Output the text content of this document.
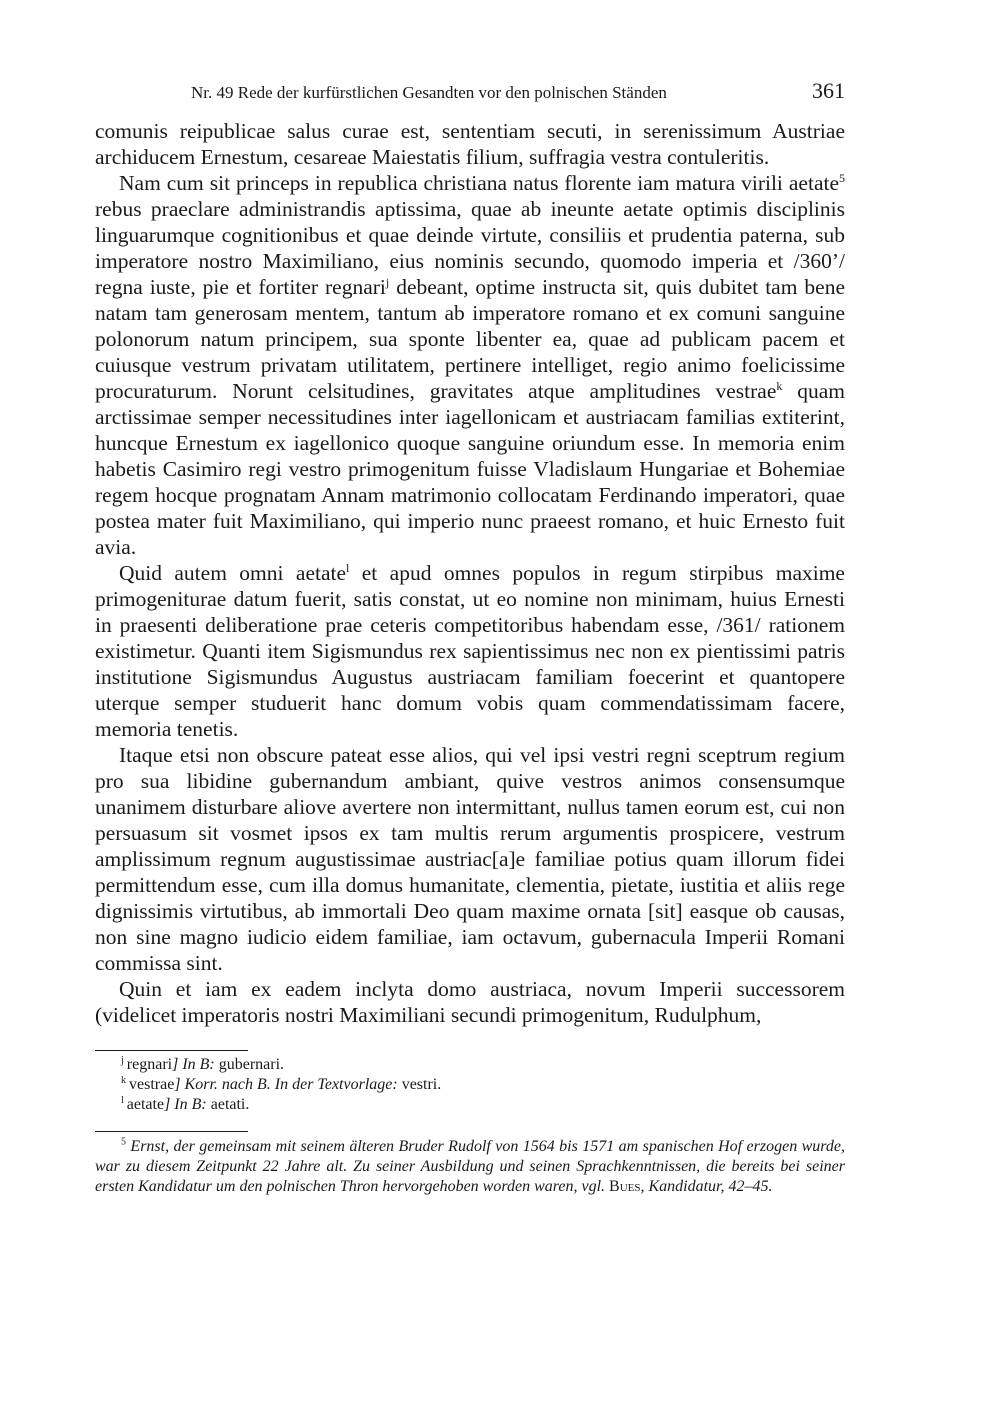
Nr. 49 Rede der kurfürstlichen Gesandten vor den polnischen Ständen	361

comunis reipublicae salus curae est, sententiam secuti, in serenissimum Austriae archiducem Ernestum, cesareae Maiestatis filium, suffragia vestra contuleritis.

Nam cum sit princeps in republica christiana natus florente iam matura virili aetate$^5$ rebus praeclare administrandis aptissima, quae ab ineunte aetate optimis disciplinis linguarumque cognitionibus et quae deinde virtute, consiliis et prudentia paterna, sub imperatore nostro Maximiliano, eius nominis secundo, quomodo imperia et /360’/ regna iuste, pie et fortiter regnari$^j$ debeant, optime instructa sit, quis dubitet tam bene natam tam generosam mentem, tantum ab imperatore romano et ex comuni sanguine polonorum natum principem, sua sponte libenter ea, quae ad publicam pacem et cuiusque vestrum privatam utilitatem, pertinere intelliget, regio animo foelicissime procuraturum. Norunt celsitudines, gravitates atque amplitudines vestrae$^k$ quam arctissimae semper necessitudines inter iagellonicam et austriacam familias extiterint, huncque Ernestum ex iagellonico quoque sanguine oriundum esse. In memoria enim habetis Casimiro regi vestro primogenitum fuisse Vladislaum Hungariae et Bohemiae regem hocque prognatam Annam matrimonio collocatam Ferdinando imperatori, quae postea mater fuit Maximiliano, qui imperio nunc praeest romano, et huic Ernesto fuit avia.

Quid autem omni aetate$^l$ et apud omnes populos in regum stirpibus maxime primogeniturae datum fuerit, satis constat, ut eo nomine non minimam, huius Ernesti in praesenti deliberatione prae ceteris competitoribus habendam esse, /361/ rationem existimetur. Quanti item Sigismundus rex sapientissimus nec non ex pientissimi patris institutione Sigismundus Augustus austriacam familiam foecerint et quantopere uterque semper studuerit hanc domum vobis quam commendatissimam facere, memoria tenetis.

Itaque etsi non obscure pateat esse alios, qui vel ipsi vestri regni sceptrum regium pro sua libidine gubernandum ambiant, quive vestros animos consensumque unanimem disturbare aliove avertere non intermittant, nullus tamen eorum est, cui non persuasum sit vosmet ipsos ex tam multis rerum argumentis prospicere, vestrum amplissimum regnum augustissimae austriac[a]e familiae potius quam illorum fidei permittendum esse, cum illa domus humanitate, clementia, pietate, iustitia et aliis rege dignissimis virtutibus, ab immortali Deo quam maxime ornata [sit] easque ob causas, non sine magno iudicio eidem familiae, iam octavum, gubernacula Imperii Romani commissa sint.

Quin et iam ex eadem inclyta domo austriaca, novum Imperii successorem (videlicet imperatoris nostri Maximiliani secundi primogenitum, Rudulphum,

$^j$ regnari] In B: gubernari.
$^k$ vestrae] Korr. nach B. In der Textvorlage: vestri.
$^l$ aetate] In B: aetati.
$^5$ Ernst, der gemeinsam mit seinem älteren Bruder Rudolf von 1564 bis 1571 am spanischen Hof erzogen wurde, war zu diesem Zeitpunkt 22 Jahre alt. Zu seiner Ausbildung und seinen Sprachkenntnissen, die bereits bei seiner ersten Kandidatur um den polnischen Thron hervorgehoben worden waren, vgl. Bues, Kandidatur, 42–45.
